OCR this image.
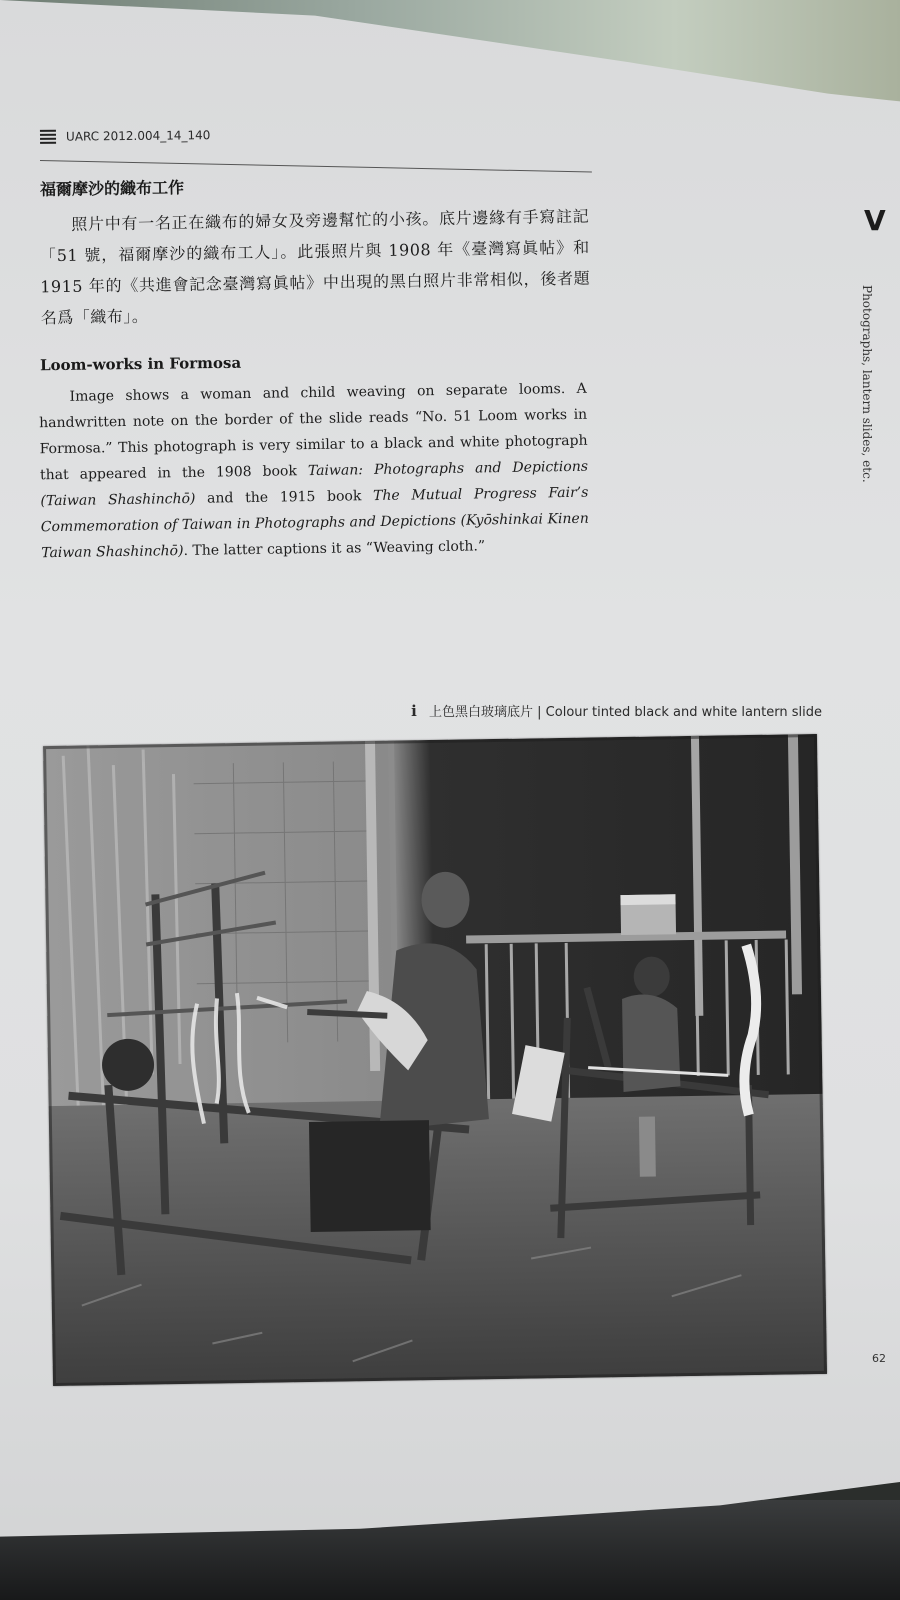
UARC 2012.004_14_140
福爾摩沙的織布工作
照片中有一名正在織布的婦女及旁邊幫忙的小孩。底片邊緣有手寫註記「51 號，福爾摩沙的織布工人」。此張照片與 1908 年《臺灣寫眞帖》和 1915 年的《共進會記念臺灣寫眞帖》中出現的黑白照片非常相似，後者題名爲「織布」。
Loom-works in Formosa
Image shows a woman and child weaving on separate looms. A handwritten note on the border of the slide reads “No. 51 Loom works in Formosa.” This photograph is very similar to a black and white photograph that appeared in the 1908 book Taiwan: Photographs and Depictions (Taiwan Shashinchō) and the 1915 book The Mutual Progress Fair’s Commemoration of Taiwan in Photographs and Depictions (Kyōshinkai Kinen Taiwan Shashinchō). The latter captions it as “Weaving cloth.”
i 上色黑白玻璃底片 | Colour tinted black and white lantern slide
V
Photographs, lantern slides, etc.
62
